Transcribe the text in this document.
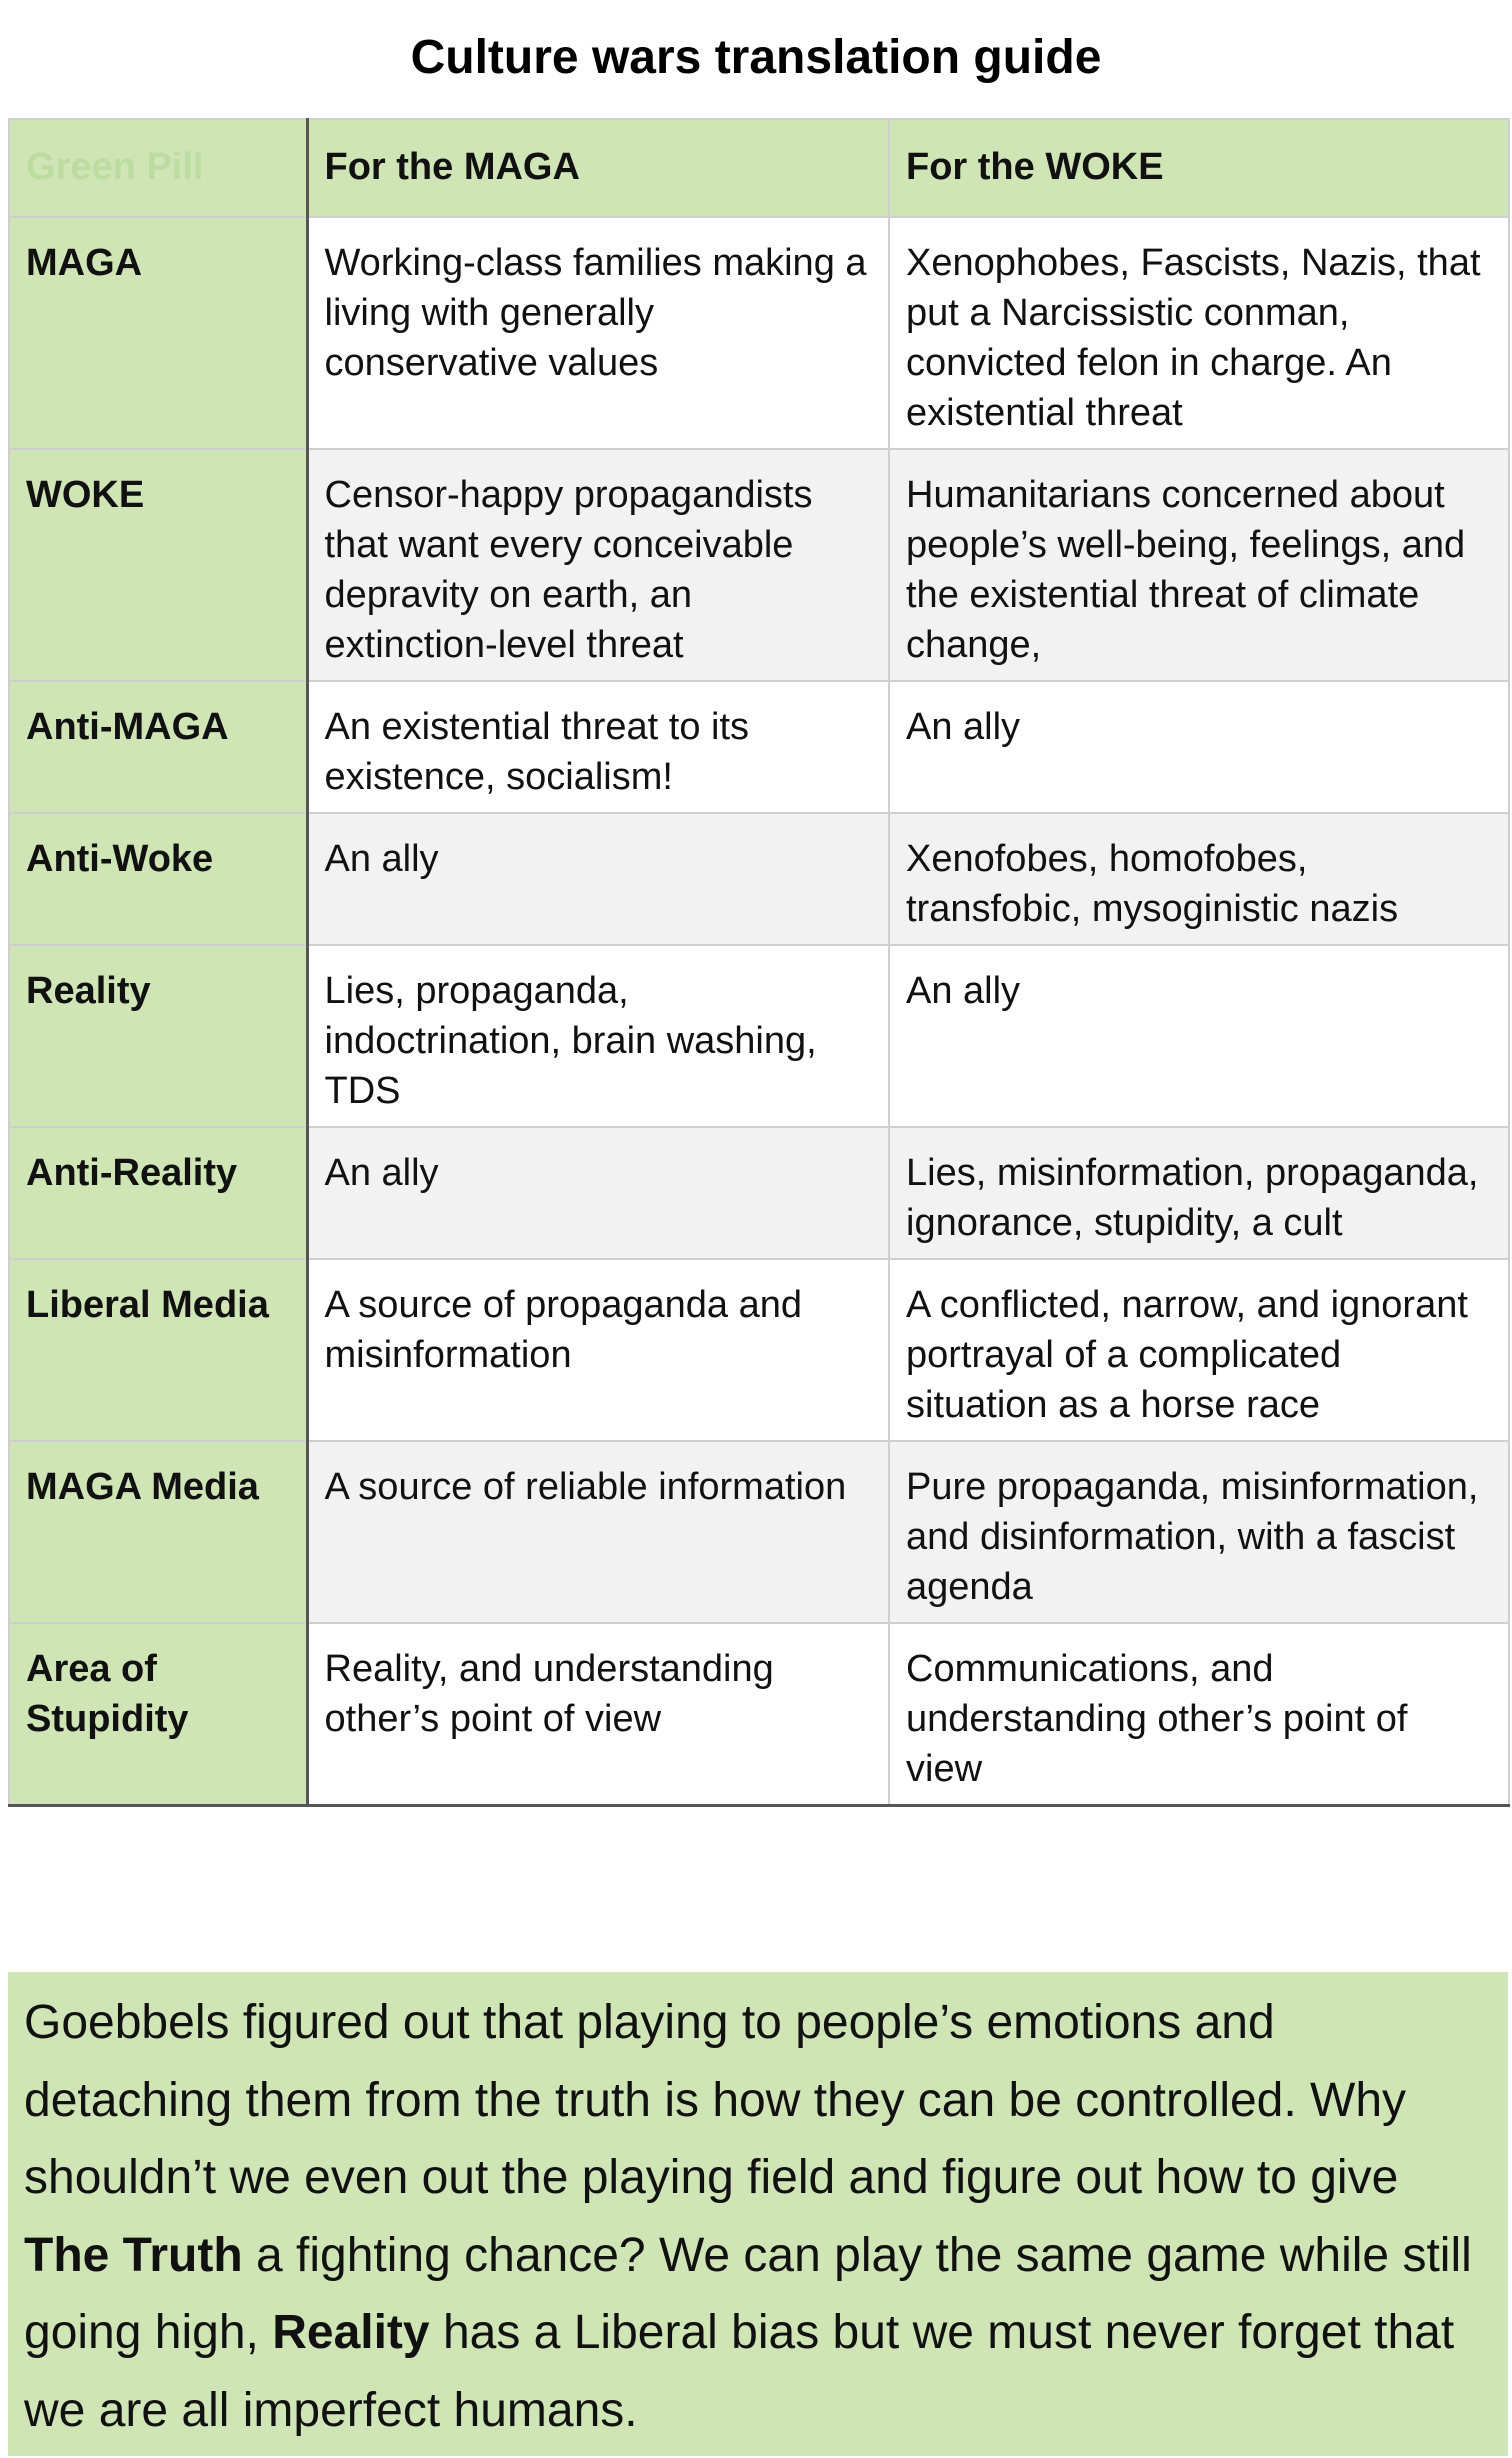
Culture wars translation guide
Green Pill	For the MAGA	For the WOKE
MAGA	Working-class families making a living with generally conservative values	Xenophobes, Fascists, Nazis, that put a Narcissistic conman, convicted felon in charge. An existential threat
WOKE	Censor-happy propagandists that want every conceivable depravity on earth, an extinction-level threat	Humanitarians concerned about people’s well-being, feelings, and the existential threat of climate change,
Anti-MAGA	An existential threat to its existence, socialism!	An ally
Anti-Woke	An ally	Xenofobes, homofobes, transfobic, mysoginistic nazis
Reality	Lies, propaganda, indoctrination, brain washing, TDS	An ally
Anti-Reality	An ally	Lies, misinformation, propaganda, ignorance, stupidity, a cult
Liberal Media	A source of propaganda and misinformation	A conflicted, narrow, and ignorant portrayal of a complicated situation as a horse race
MAGA Media	A source of reliable information	Pure propaganda, misinformation, and disinformation, with a fascist agenda
Area of Stupidity	Reality, and understanding other’s point of view	Communications, and understanding other’s point of view
Goebbels figured out that playing to people’s emotions and detaching them from the truth is how they can be controlled. Why shouldn’t we even out the playing field and figure out how to give The Truth a fighting chance? We can play the same game while still going high, Reality has a Liberal bias but we must never forget that we are all imperfect humans.
